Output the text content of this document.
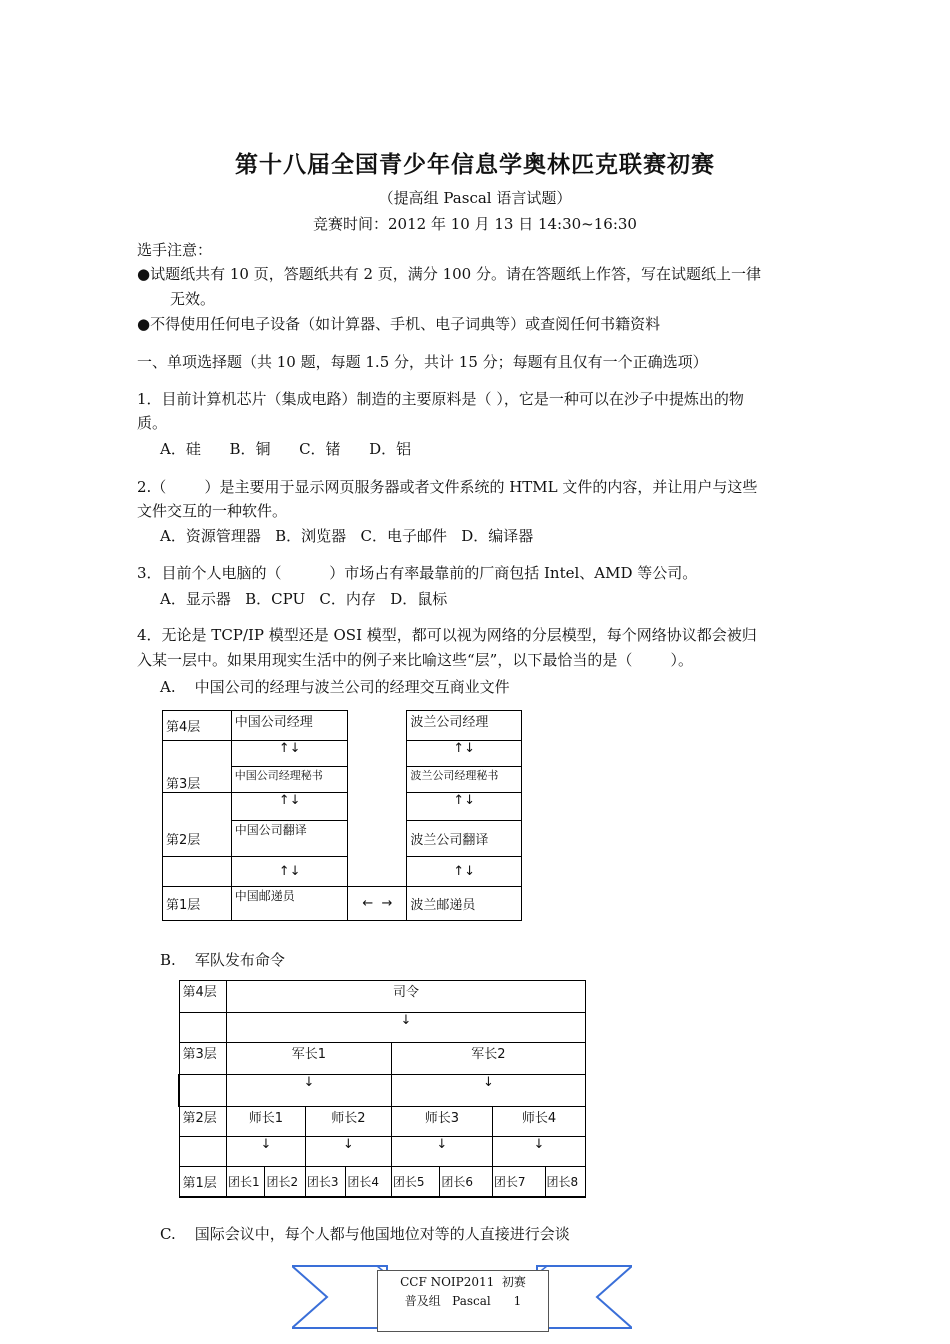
第十八届全国青少年信息学奥林匹克联赛初赛
（提高组 Pascal 语言试题）
竞赛时间：2012 年 10 月 13 日 14:30~16:30
选手注意：
●试题纸共有 10 页，答题纸共有 2 页，满分 100 分。请在答题纸上作答，写在试题纸上一律
无效。
●不得使用任何电子设备（如计算器、手机、电子词典等）或查阅任何书籍资料
一、单项选择题（共 10 题，每题 1.5 分，共计 15 分；每题有且仅有一个正确选项）
1．目前计算机芯片（集成电路）制造的主要原料是（ ），它是一种可以在沙子中提炼出的物
质。
A．硅      B．铜      C．锗      D．铝
2.（        ）是主要用于显示网页服务器或者文件系统的 HTML 文件的内容，并让用户与这些
文件交互的一种软件。
A．资源管理器   B．浏览器   C．电子邮件   D．编译器
3．目前个人电脑的（          ）市场占有率最靠前的厂商包括 Intel、AMD 等公司。
A．显示器   B．CPU   C．内存   D．鼠标
4．无论是 TCP/IP 模型还是 OSI 模型，都可以视为网络的分层模型，每个网络协议都会被归
入某一层中。如果用现实生活中的例子来比喻这些“层”，以下最恰当的是（        ）。
A.    中国公司的经理与波兰公司的经理交互商业文件
第4层	中国公司经理		波兰公司经理
	↑↓		↑↓
第3层	中国公司经理秘书		波兰公司经理秘书
	↑↓		↑↓
第2层	中国公司翻译		波兰公司翻译
	↑↓		↑↓
第1层	中国邮递员	←  →	波兰邮递员
B.    军队发布命令
第4层	司令							
	↓							
第3层	军长1				军长2			
	↓				↓			
第2层	师长1		师长2		师长3		师长4	
	↓		↓		↓		↓	
第1层	团长1	团长2	团长3	团长4	团长5	团长6	团长7	团长8
C.    国际会议中，每个人都与他国地位对等的人直接进行会谈
CCF NOIP2011  初赛
普及组   Pascal      1
